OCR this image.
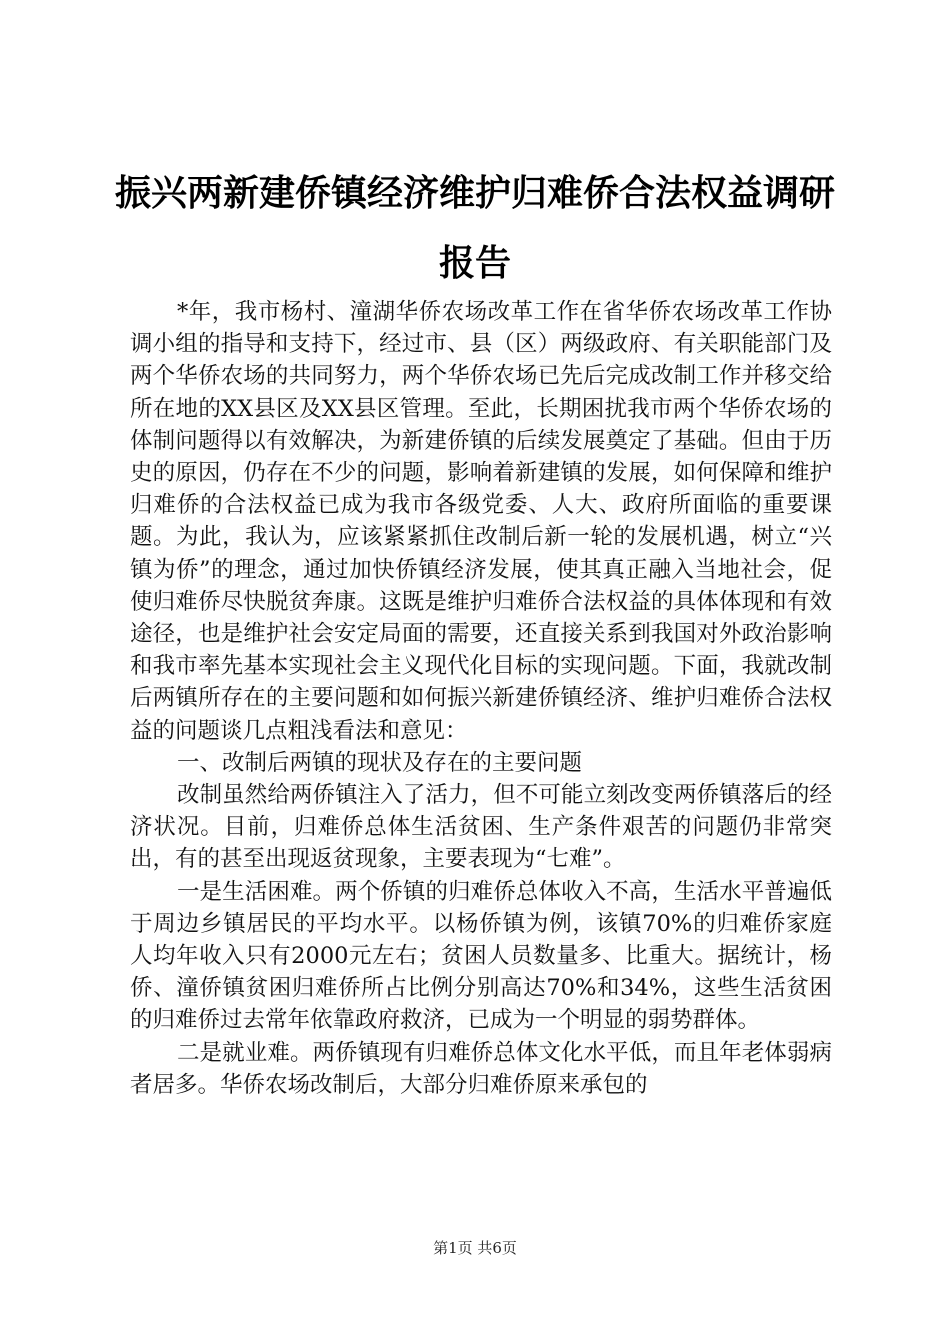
振兴两新建侨镇经济维护归难侨合法权益调研报告

*年，我市杨村、潼湖华侨农场改革工作在省华侨农场改革工作协调小组的指导和支持下，经过市、县（区）两级政府、有关职能部门及两个华侨农场的共同努力，两个华侨农场已先后完成改制工作并移交给所在地的XX县区及XX县区管理。至此，长期困扰我市两个华侨农场的体制问题得以有效解决，为新建侨镇的后续发展奠定了基础。但由于历史的原因，仍存在不少的问题，影响着新建镇的发展，如何保障和维护归难侨的合法权益已成为我市各级党委、人大、政府所面临的重要课题。为此，我认为，应该紧紧抓住改制后新一轮的发展机遇，树立“兴镇为侨”的理念，通过加快侨镇经济发展，使其真正融入当地社会，促使归难侨尽快脱贫奔康。这既是维护归难侨合法权益的具体体现和有效途径，也是维护社会安定局面的需要，还直接关系到我国对外政治影响和我市率先基本实现社会主义现代化目标的实现问题。下面，我就改制后两镇所存在的主要问题和如何振兴新建侨镇经济、维护归难侨合法权益的问题谈几点粗浅看法和意见：

一、改制后两镇的现状及存在的主要问题

改制虽然给两侨镇注入了活力，但不可能立刻改变两侨镇落后的经济状况。目前，归难侨总体生活贫困、生产条件艰苦的问题仍非常突出，有的甚至出现返贫现象，主要表现为“七难”。

一是生活困难。两个侨镇的归难侨总体收入不高，生活水平普遍低于周边乡镇居民的平均水平。以杨侨镇为例，该镇70%的归难侨家庭人均年收入只有2000元左右；贫困人员数量多、比重大。据统计，杨侨、潼侨镇贫困归难侨所占比例分别高达70%和34%，这些生活贫困的归难侨过去常年依靠政府救济，已成为一个明显的弱势群体。

二是就业难。两侨镇现有归难侨总体文化水平低，而且年老体弱病者居多。华侨农场改制后，大部分归难侨原来承包的

第1页 共6页
